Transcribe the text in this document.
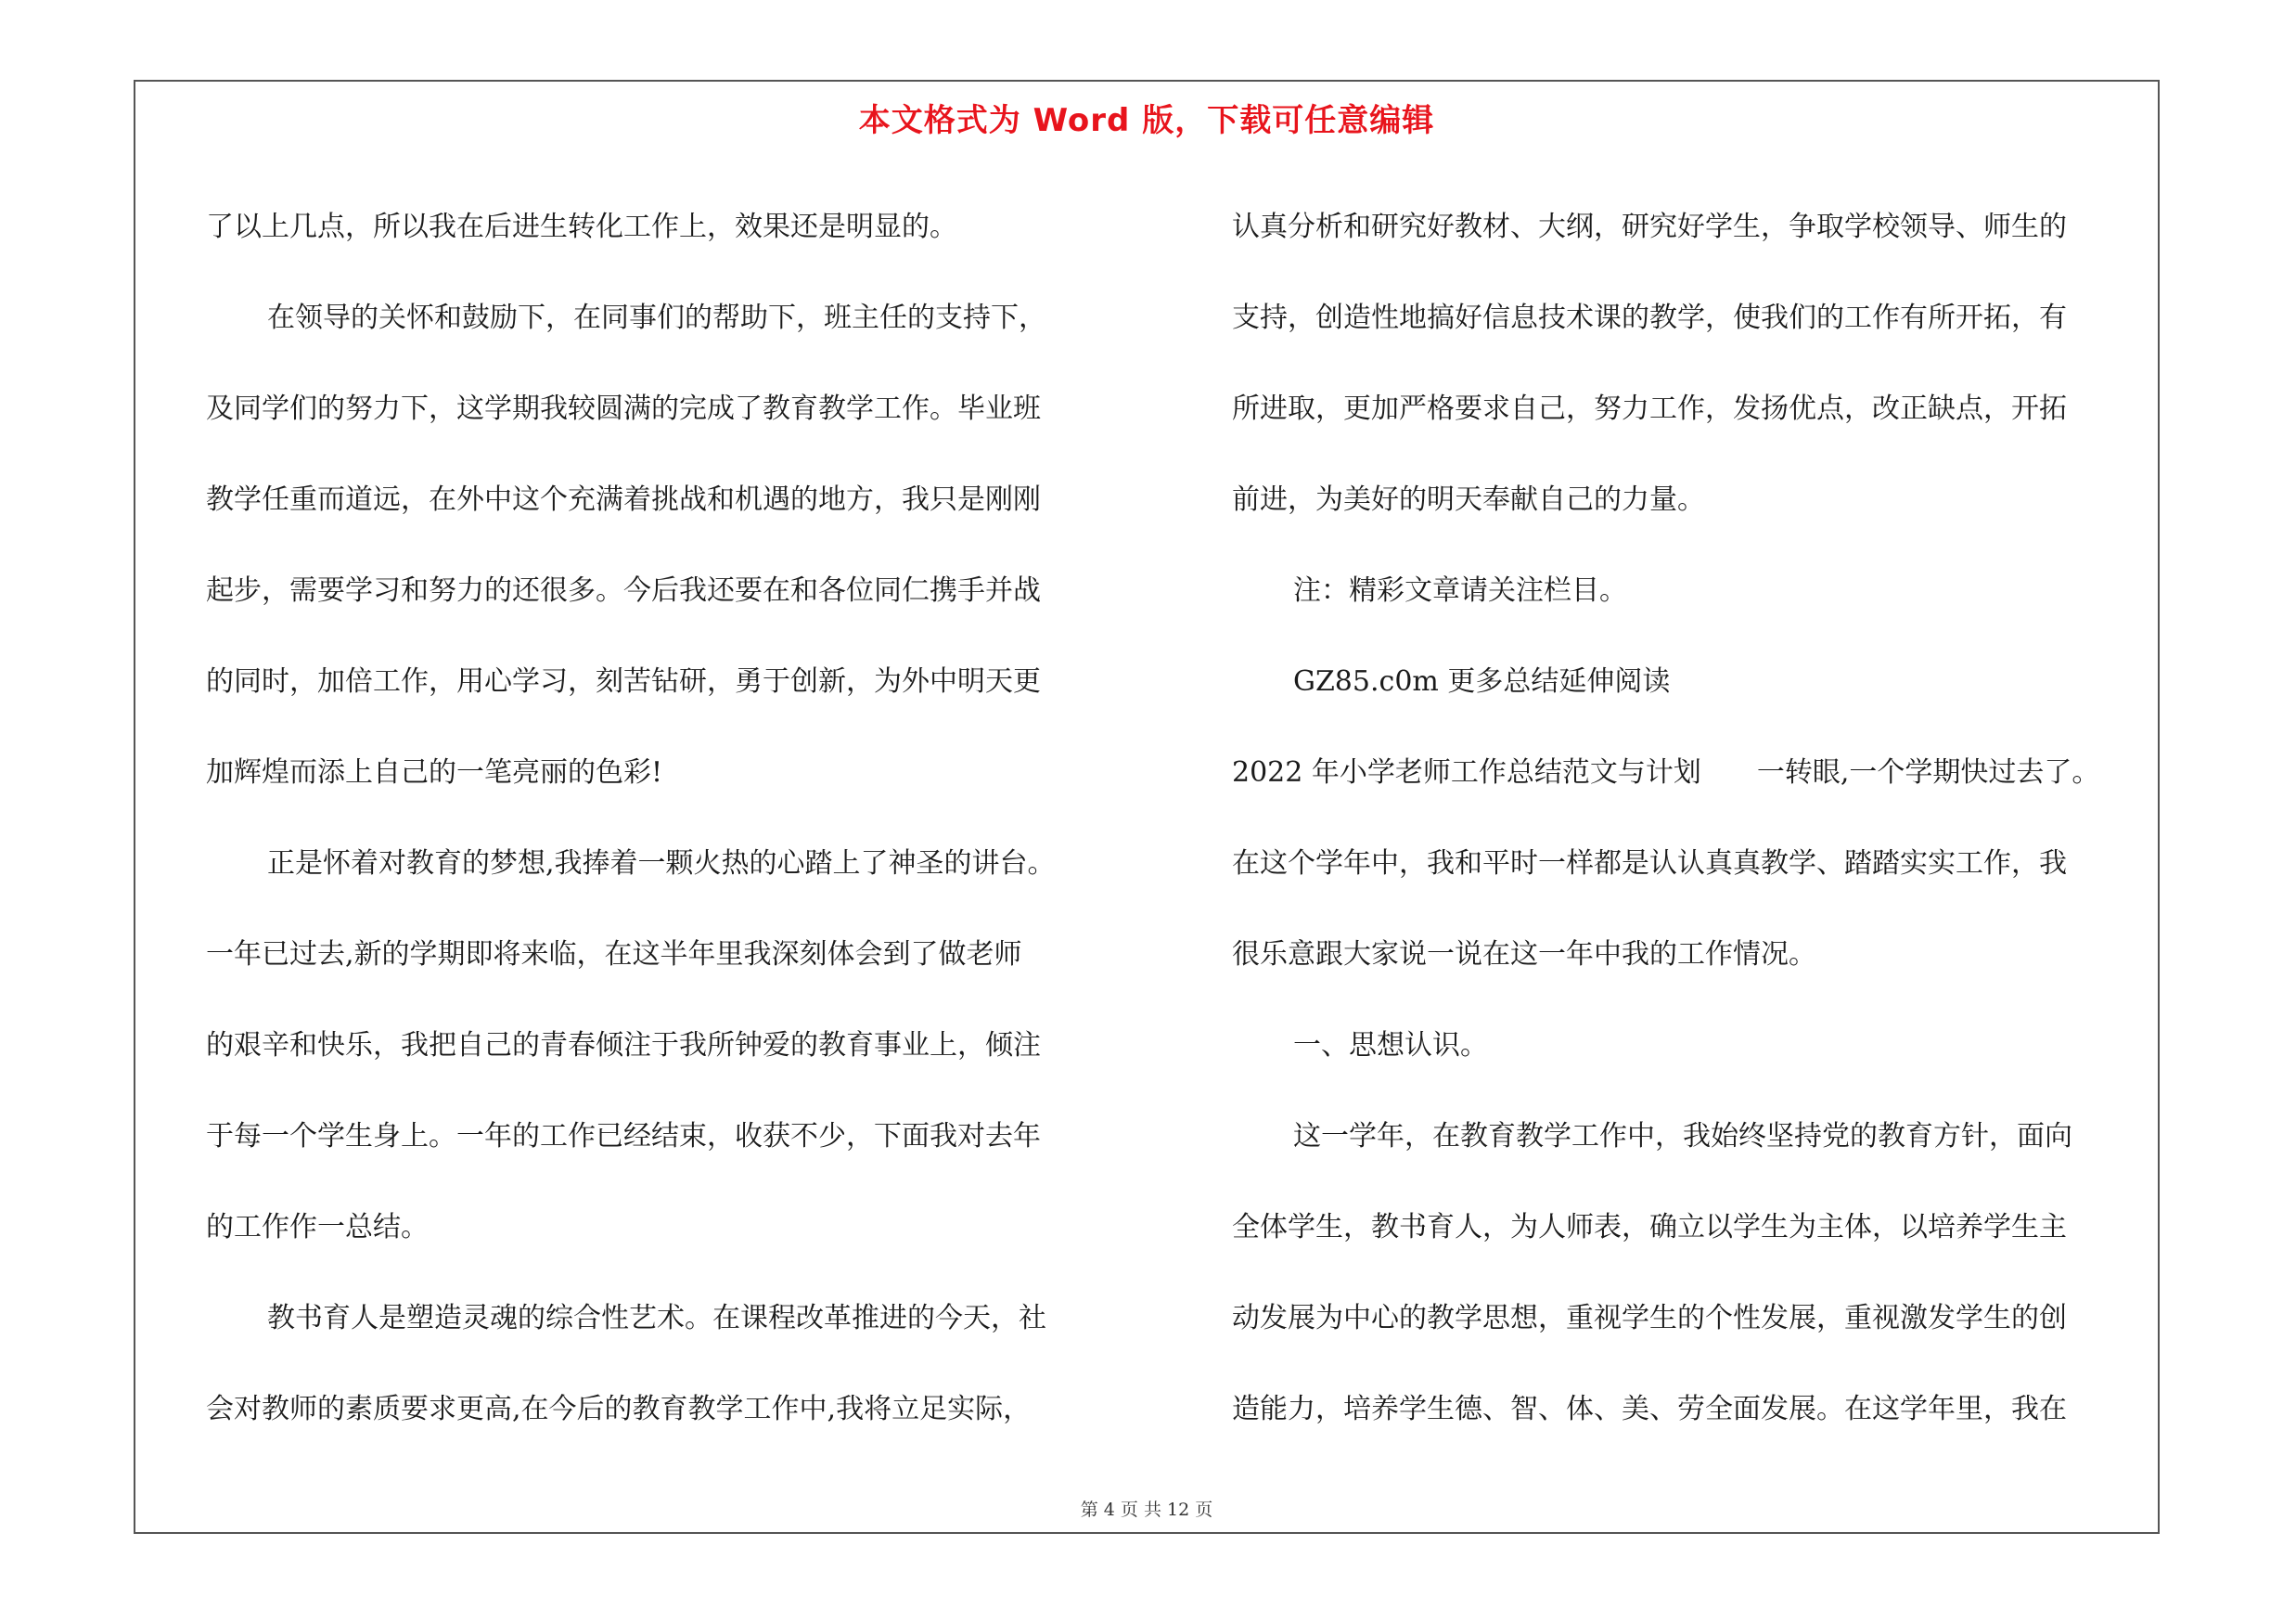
本文格式为 Word 版，下载可任意编辑

了以上几点，所以我在后进生转化工作上，效果还是明显的。

在领导的关怀和鼓励下，在同事们的帮助下，班主任的支持下，

及同学们的努力下，这学期我较圆满的完成了教育教学工作。毕业班

教学任重而道远，在外中这个充满着挑战和机遇的地方，我只是刚刚

起步，需要学习和努力的还很多。今后我还要在和各位同仁携手并战

的同时，加倍工作，用心学习，刻苦钻研，勇于创新，为外中明天更

加辉煌而添上自己的一笔亮丽的色彩!

正是怀着对教育的梦想,我捧着一颗火热的心踏上了神圣的讲台。

一年已过去,新的学期即将来临，在这半年里我深刻体会到了做老师

的艰辛和快乐，我把自己的青春倾注于我所钟爱的教育事业上，倾注

于每一个学生身上。一年的工作已经结束，收获不少，下面我对去年

的工作作一总结。

教书育人是塑造灵魂的综合性艺术。在课程改革推进的今天，社

会对教师的素质要求更高,在今后的教育教学工作中,我将立足实际，

认真分析和研究好教材、大纲，研究好学生，争取学校领导、师生的

支持，创造性地搞好信息技术课的教学，使我们的工作有所开拓，有

所进取，更加严格要求自己，努力工作，发扬优点，改正缺点，开拓

前进，为美好的明天奉献自己的力量。

注：精彩文章请关注栏目。

GZ85.c0m 更多总结延伸阅读

2022 年小学老师工作总结范文与计划　　一转眼,一个学期快过去了。

在这个学年中，我和平时一样都是认认真真教学、踏踏实实工作，我

很乐意跟大家说一说在这一年中我的工作情况。

一、思想认识。

这一学年，在教育教学工作中，我始终坚持党的教育方针，面向

全体学生，教书育人，为人师表，确立以学生为主体，以培养学生主

动发展为中心的教学思想，重视学生的个性发展，重视激发学生的创

造能力，培养学生德、智、体、美、劳全面发展。在这学年里，我在

第 4 页 共 12 页
